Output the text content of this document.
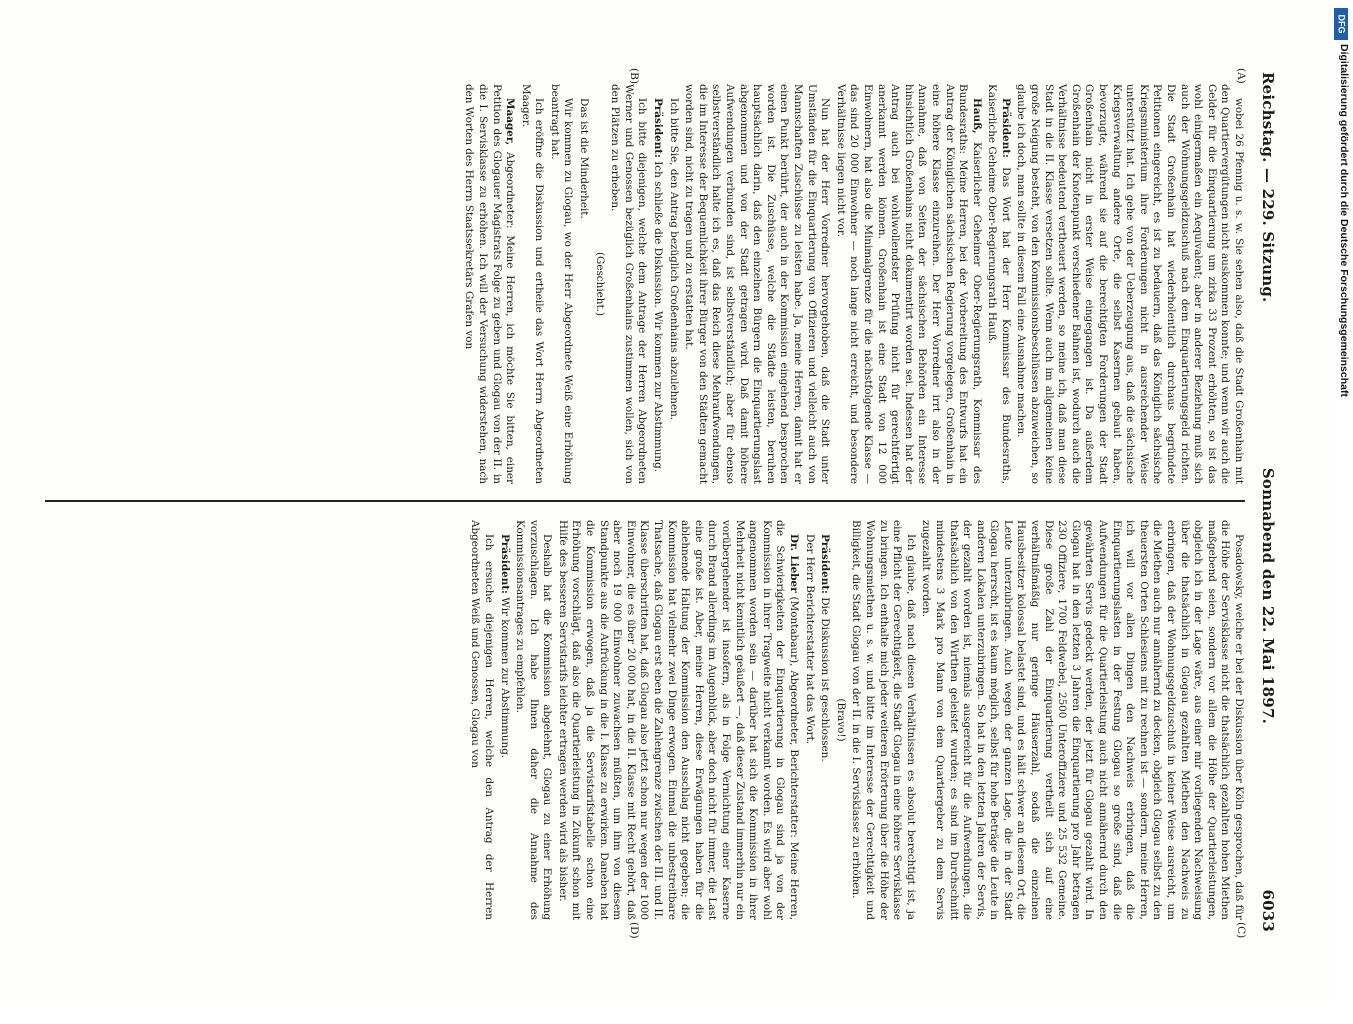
Reichstag. — 229. Sitzung.
Sonnabend den 22. Mai 1897.
6033
(A)
(B)
(C)
(D)

wobei 26 Pfennig u. s. w. Sie sehen also, daß die Stadt Großenhain mit den Quartiervergütungen nicht auskommen konnte; und wenn wir auch die Gelder für die Einquartierung um zirka 33 Prozent erhöhten, so ist das wohl einigermaßen ein Aequivalent; aber in anderer Beziehung muß sich auch der Wohnungsgeldzuschuß nach dem Einquartierungsgeld richten. Die Stadt Großenhain hat wiederholentlich durchaus begründete Petitionen eingereicht, es ist zu bedauern, daß das Königlich sächsische Kriegsministerium ihre Forderungen nicht in ausreichender Weise unterstützt hat. Ich gehe von der Ueberzeugung aus, daß die sächsische Kriegsverwaltung andere Orte, die selbst Kasernen gebaut haben, bevorzugte, während sie auf die berechtigten Forderungen der Stadt Großenhain nicht in erster Weise eingegangen ist. Da außerdem Großenhain der Knotenpunkt verschiedener Bahnen ist, wodurch auch die Verhältnisse bedeutend vertheuert werden, so meine ich, daß man diese Stadt in die II. Klasse versetzen sollte. Wenn auch im allgemeinen keine große Neigung besteht, von den Kommissionsbeschlüssen abzuweichen, so glaube ich doch, man sollte in diesem Fall eine Ausnahme machen.

Präsident: Das Wort hat der Herr Kommissar des Bundesraths, Kaiserliche Geheime Ober-Regierungsrath Hauß.

Hauß, Kaiserlicher Geheimer Ober-Regierungsrath, Kommissar des Bundesraths: Meine Herren, bei der Vorbereitung des Entwurfs hat ein Antrag der Königlichen sächsischen Regierung vorgelegen, Großenhain in eine höhere Klasse einzureihen. Der Herr Vorredner irrt also in der Annahme, daß von Seiten der sächsischen Behörden ein Interesse hinsichtlich Großenhains nicht dokumentirt worden sei. Indessen hat der Antrag auch bei wohlwollendster Prüfung nicht für gerechtfertigt anerkannt werden können. Großenhain ist eine Stadt von 12 000 Einwohnern, hat also die Minimalgrenze für die nächstfolgende Klasse — das sind 20 000 Einwohner — noch lange nicht erreicht, und besondere Verhältnisse liegen nicht vor.

Nun hat der Herr Vorredner hervorgehoben, daß die Stadt unter Umständen für die Einquartierung von Offizieren und vielleicht auch von Mannschaften Zuschüsse zu leisten habe. Ja, meine Herren, damit hat er einen Punkt berührt, der auch in der Kommission eingehend besprochen worden ist. Die Zuschüsse, welche die Städte leisten, beruhen hauptsächlich darin, daß den einzelnen Bürgern die Einquartierungslast abgenommen und von der Stadt getragen wird. Daß damit höhere Aufwendungen verbunden sind, ist selbstverständlich; aber für ebenso selbstverständlich halte ich es, daß das Reich diese Mehraufwendungen, die im Interesse der Bequemlichkeit ihrer Bürger von den Städten gemacht worden sind, nicht zu tragen und zu erstatten hat.

Ich bitte Sie, den Antrag bezüglich Großenhains abzulehnen.

Präsident: Ich schließe die Diskussion. Wir kommen zur Abstimmung.

Ich bitte diejenigen, welche dem Antrage der Herren Abgeordneten Werner und Genossen bezüglich Großenhains zustimmen wollen, sich von den Plätzen zu erheben.

(Geschieht.)

Das ist die Minderheit.

Wir kommen zu Glogau, wo der Herr Abgeordnete Weiß eine Erhöhung beantragt hat.

Ich eröffne die Diskussion und ertheile das Wort Herrn Abgeordneten Maager.

Maager, Abgeordneter: Meine Herren, ich möchte Sie bitten, einer Petition des Glogauer Magistrats Folge zu geben und Glogau von der II. in die I. Servisklasse zu erhöhen. Ich will der Versuchung widerstehen, nach den Worten des Herrn Staatssekretärs Grafen von

Posadowsky, welche er bei der Diskussion über Köln gesprochen, daß für die Höhe der Servisklasse nicht die thatsächlich gezahlten hohen Miethen maßgebend seien, sondern vor allem die Höhe der Quartierleistungen, obgleich ich in der Lage wäre, aus einer mir vorliegenden Nachweisung über die thatsächlich in Glogau gezahlten Miethen den Nachweis zu erbringen, daß der Wohnungsgeldzuschuß in keiner Weise ausreicht, um die Miethen auch nur annähernd zu decken, obgleich Glogau selbst zu den theuersten Orten Schlesiens mit zu rechnen ist — sondern, meine Herren, ich will vor allen Dingen den Nachweis erbringen, daß die Einquartierungslasten in der Festung Glogau so große sind, daß die Aufwendungen für die Quartierleistung auch nicht annähernd durch den gewährten Servis gedeckt werden, der jetzt für Glogau gezahlt wird. In Glogau hat in den letzten 3 Jahren die Einquartierung pro Jahr betragen 230 Offiziere, 1700 Feldwebel, 2500 Unteroffiziere und 25 532 Gemeine. Diese große Zahl der Einquartierung vertheilt sich auf eine verhältnißmäßig nur geringe Häuserzahl, sodaß die einzelnen Hausbesitzer kolossal belastet sind, und es hält schwer an diesem Ort, die Leute unterzubringen. Auch wegen der ganzen Lage, die in der Stadt Glogau herrscht, ist es kaum möglich, selbst für hohe Beträge die Leute in anderen Lokalen unterzubringen. So hat in den letzten Jahren der Servis, der gezahlt worden ist, niemals ausgereicht für die Aufwendungen, die thatsächlich von den Wirthen geleistet wurden; es sind im Durchschnitt mindestens 3 Mark pro Mann von dem Quartiergeber zu dem Servis zugezahlt worden.

Ich glaube, daß nach diesen Verhältnissen es absolut berechtigt ist, ja eine Pflicht der Gerechtigkeit, die Stadt Glogau in eine höhere Servisklasse zu bringen. Ich enthalte mich jeder weiteren Erörterung über die Höhe der Wohnungsmiethen u. s. w. und bitte im Interesse der Gerechtigkeit und Billigkeit, die Stadt Glogau von der II. in die I. Servisklasse zu erhöhen.

(Bravo!)

Präsident: Die Diskussion ist geschlossen.

Der Herr Berichterstatter hat das Wort.

Dr. Lieber (Montabaur), Abgeordneter, Berichterstatter: Meine Herren, die Schwierigkeiten der Einquartierung in Glogau sind ja von der Kommission in ihrer Tragweite nicht verkannt worden. Es wird aber wohl angenommen worden sein — darüber hat sich die Kommission in ihrer Mehrheit nicht kenntlich geäußert —, daß dieser Zustand immerhin nur ein vorübergehender ist insofern, als in Folge Vernichtung einer Kaserne durch Brand allerdings im Augenblick, aber doch nicht für immer, die Last eine große ist. Aber, meine Herren, diese Erwägungen haben für die ablehnende Haltung der Kommission den Ausschlag nicht gegeben; die Kommission hat vielmehr zwei Dinge erwogen. Einmal die unbestreitbare Thatsache, daß Glogau erst eben die Zahlengrenze zwischen der III. und II. Klasse überschritten hat, daß Glogau also jetzt schon nur wegen der 1000 Einwohner, die es über 20 000 hat, in die II. Klasse mit Recht gehört, daß aber noch 19 000 Einwohner zuwachsen müßten, um ihm von diesem Standpunkte aus die Aufrückung in die I. Klasse zu erwirken. Daneben hat die Kommission erwogen, daß ja die Servistarifstabelle schon eine Erhöhung vorschlägt, daß also die Quartierleistung in Zukunft schon mit Hilfe des besseren Servistarifs leichter ertragen werden wird als bisher.

Deshalb hat die Kommission abgelehnt, Glogau zu einer Erhöhung vorzuschlagen. Ich habe Ihnen daher die Annahme des Kommissionsantrages zu empfehlen.

Präsident: Wir kommen zur Abstimmung.

Ich ersuche diejenigen Herren, welche den Antrag der Herren Abgeordneten Weiß und Genossen, Glogau von

DFG
Digitalisierung gefördert durch die Deutsche Forschungsgemeinschaft
